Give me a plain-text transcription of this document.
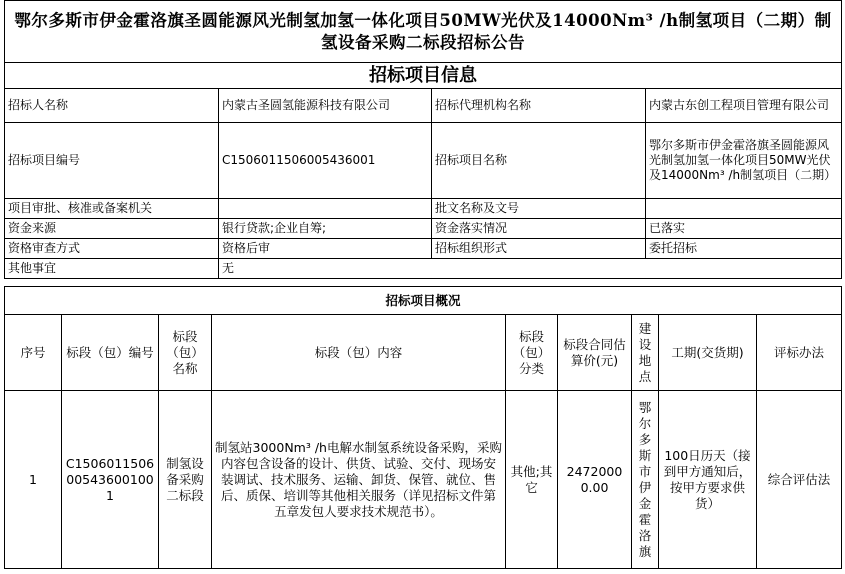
鄂尔多斯市伊金霍洛旗圣圆能源风光制氢加氢一体化项目50MW光伏及14000Nm³ /h制氢项目（二期）制氢设备采购二标段招标公告			
招标项目信息			
招标人名称	内蒙古圣圆氢能源科技有限公司	招标代理机构名称	内蒙古东创工程项目管理有限公司
招标项目编号	C1506011506005436001	招标项目名称	鄂尔多斯市伊金霍洛旗圣圆能源风光制氢加氢一体化项目50MW光伏及14000Nm³ /h制氢项目（二期）
项目审批、核准或备案机关		批文名称及文号	
资金来源	银行贷款;企业自筹;	资金落实情况	已落实
资格审查方式	资格后审	招标组织形式	委托招标
其他事宜	无		
招标项目概况								
序号	标段（包）编号	标段（包）名称	标段（包）内容	标段（包）分类	标段合同估算价(元)	建设地点	工期(交货期)	评标办法
1	C1506011506005436001001	制氢设备采购二标段	制氢站3000Nm³ /h电解水制氢系统设备采购，采购内容包含设备的设计、供货、试验、交付、现场安装调试、技术服务、运输、卸货、保管、就位、售后、质保、培训等其他相关服务（详见招标文件第五章发包人要求技术规范书）。	其他;其它	24720000.00	鄂尔多斯市伊金霍洛旗	100日历天（接到甲方通知后，按甲方要求供货）	综合评估法
